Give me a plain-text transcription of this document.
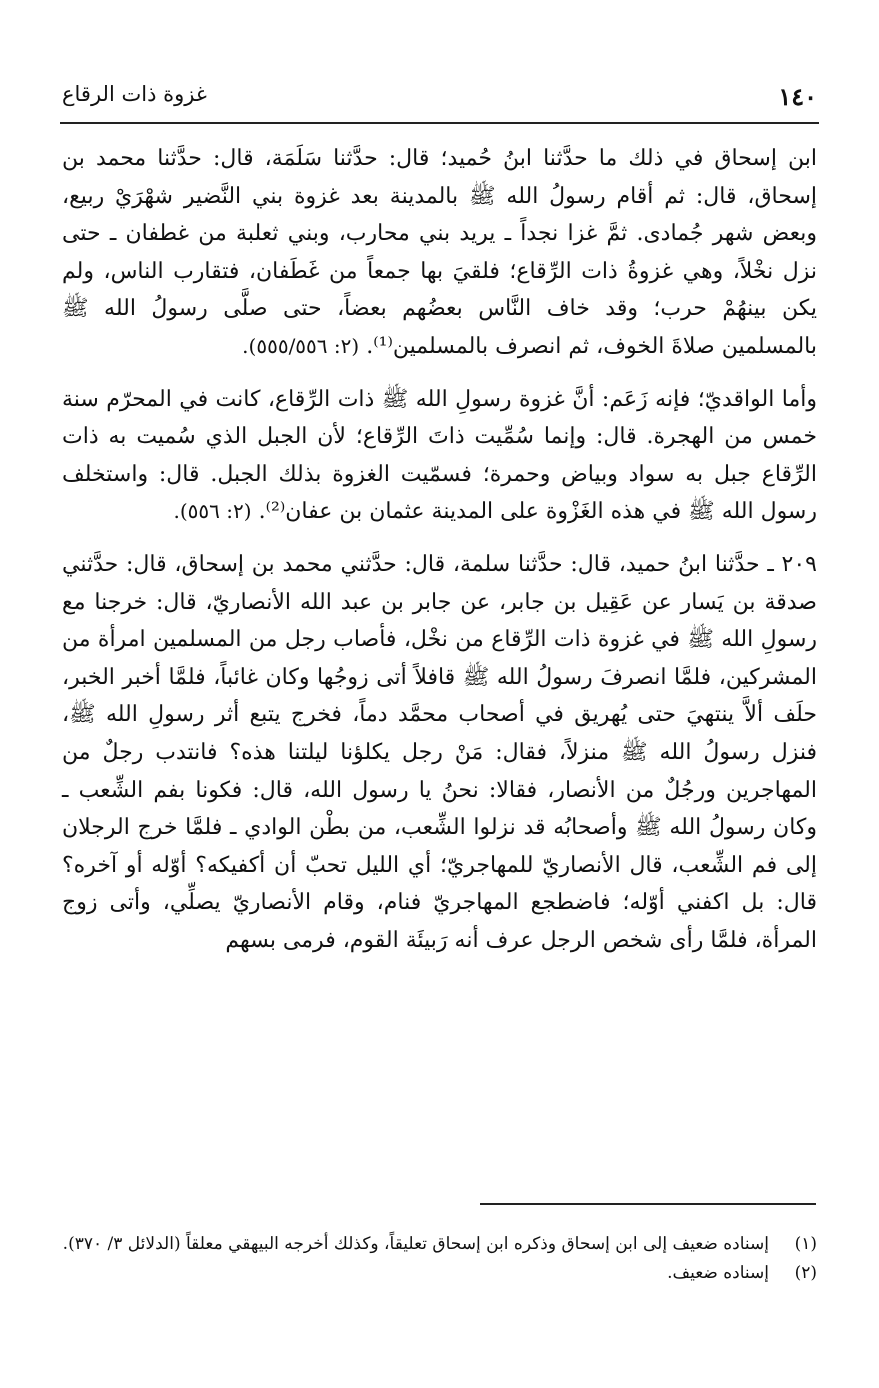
١٤٠
غزوة ذات الرقاع

ابن إسحاق في ذلك ما حدَّثنا ابنُ حُميد؛ قال: حدَّثنا سَلَمَة، قال: حدَّثنا محمد بن إسحاق، قال: ثم أقام رسولُ الله ﷺ بالمدينة بعد غزوة بني النَّضير شهْرَيْ ربيع، وبعض شهر جُمادى. ثمَّ غزا نجداً ـ يريد بني محارب، وبني ثعلبة من غطفان ـ حتى نزل نخْلاً، وهي غزوةُ ذات الرِّقاع؛ فلقيَ بها جمعاً من غَطَفان، فتقارب الناس، ولم يكن بينهُمْ حرب؛ وقد خاف النَّاس بعضُهم بعضاً، حتى صلَّى رسولُ الله ﷺ بالمسلمين صلاةَ الخوف، ثم انصرف بالمسلمين⁽¹⁾. (٢: ٥٥٥/٥٥٦).

وأما الواقديّ؛ فإنه زَعَم: أنَّ غزوة رسولِ الله ﷺ ذات الرِّقاع، كانت في المحرّم سنة خمس من الهجرة. قال: وإنما سُمِّيت ذاتَ الرِّقاع؛ لأن الجبل الذي سُميت به ذات الرِّقاع جبل به سواد وبياض وحمرة؛ فسمّيت الغزوة بذلك الجبل. قال: واستخلف رسول الله ﷺ في هذه الغَزْوة على المدينة عثمان بن عفان⁽²⁾. (٢: ٥٥٦).

٢٠٩ ـ حدَّثنا ابنُ حميد، قال: حدَّثنا سلمة، قال: حدَّثني محمد بن إسحاق، قال: حدَّثني صدقة بن يَسار عن عَقِيل بن جابر، عن جابر بن عبد الله الأنصاريّ، قال: خرجنا مع رسولِ الله ﷺ في غزوة ذات الرِّقاع من نخْل، فأصاب رجل من المسلمين امرأة من المشركين، فلمَّا انصرفَ رسولُ الله ﷺ قافلاً أتى زوجُها وكان غائباً، فلمَّا أخبر الخبر، حلَف ألاَّ ينتهيَ حتى يُهريق في أصحاب محمَّد دماً، فخرج يتبع أثر رسولِ الله ﷺ، فنزل رسولُ الله ﷺ منزلاً، فقال: مَنْ رجل يكلؤنا ليلتنا هذه؟ فانتدب رجلٌ من المهاجرين ورجُلٌ من الأنصار، فقالا: نحنُ يا رسول الله، قال: فكونا بفم الشِّعب ـ وكان رسولُ الله ﷺ وأصحابُه قد نزلوا الشِّعب، من بطْن الوادي ـ فلمَّا خرج الرجلان إلى فم الشِّعب، قال الأنصاريّ للمهاجريّ؛ أي الليل تحبّ أن أكفيكه؟ أوّله أو آخره؟ قال: بل اكفني أوّله؛ فاضطجع المهاجريّ فنام، وقام الأنصاريّ يصلِّي، وأتى زوج المرأة، فلمَّا رأى شخص الرجل عرف أنه رَبيئَة القوم، فرمى بسهم

(١)
إسناده ضعيف إلى ابن إسحاق وذكره ابن إسحاق تعليقاً، وكذلك أخرجه البيهقي معلقاً (الدلائل ٣/ ٣٧٠).
(٢)
إسناده ضعيف.
